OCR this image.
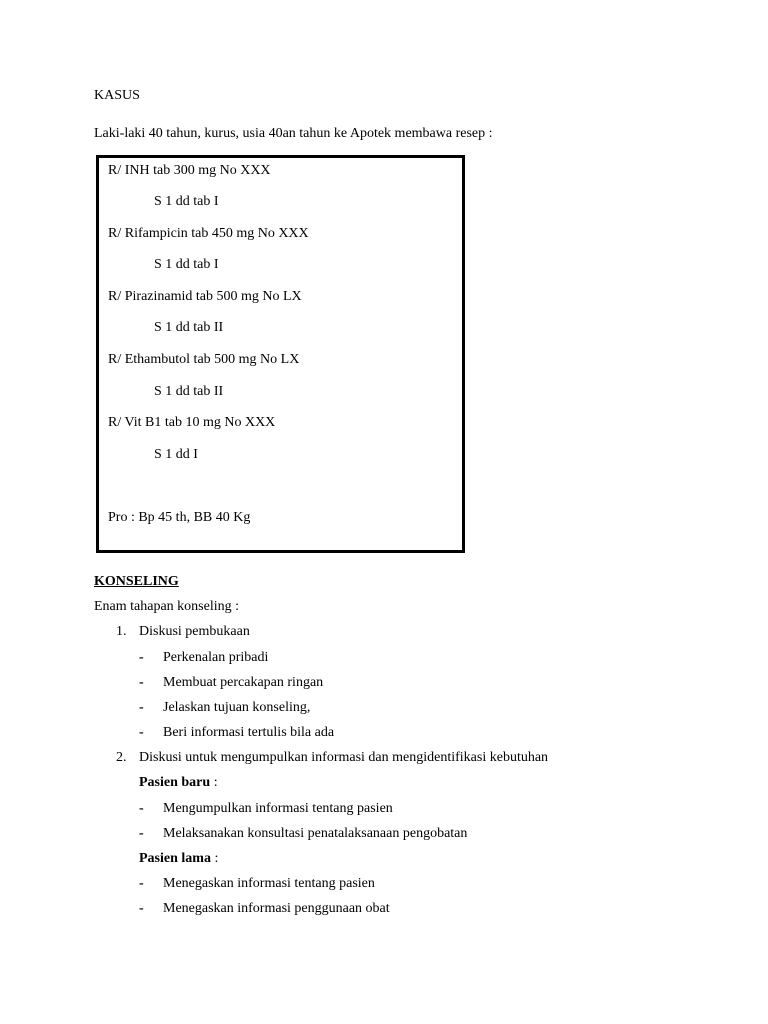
KASUS
Laki-laki 40 tahun, kurus, usia 40an tahun ke Apotek membawa resep :
R/ INH tab 300 mg No XXX
S 1 dd tab I
R/ Rifampicin tab 450 mg No XXX
S 1 dd tab I
R/ Pirazinamid tab 500 mg No LX
S 1 dd tab II
R/ Ethambutol tab 500 mg No LX
S 1 dd tab II
R/ Vit B1 tab 10 mg No XXX
S 1 dd I
Pro : Bp 45 th, BB 40 Kg
KONSELING
Enam tahapan konseling :
1. Diskusi pembukaan
- Perkenalan pribadi
- Membuat percakapan ringan
- Jelaskan tujuan konseling,
- Beri informasi tertulis bila ada
2. Diskusi untuk mengumpulkan informasi dan mengidentifikasi kebutuhan
Pasien baru :
- Mengumpulkan informasi tentang pasien
- Melaksanakan konsultasi penatalaksanaan pengobatan
Pasien lama :
- Menegaskan informasi tentang pasien
- Menegaskan informasi penggunaan obat
